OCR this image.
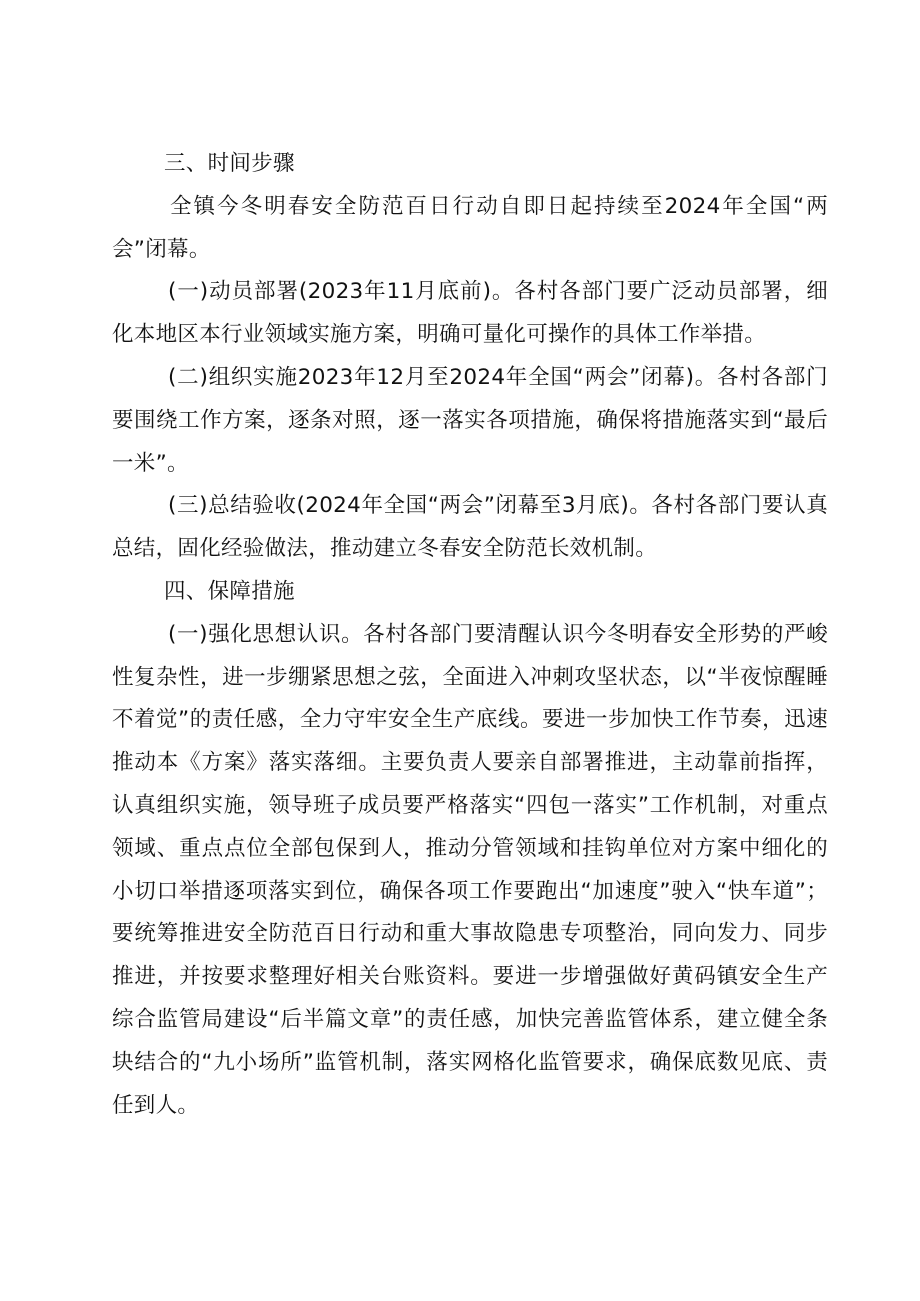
三、时间步骤

全镇今冬明春安全防范百日行动自即日起持续至2024年全国“两会”闭幕。

(一)动员部署(2023年11月底前)。各村各部门要广泛动员部署，细化本地区本行业领域实施方案，明确可量化可操作的具体工作举措。

(二)组织实施2023年12月至2024年全国“两会”闭幕)。各村各部门要围绕工作方案，逐条对照，逐一落实各项措施，确保将措施落实到“最后一米”。

(三)总结验收(2024年全国“两会”闭幕至3月底)。各村各部门要认真总结，固化经验做法，推动建立冬春安全防范长效机制。

四、保障措施

(一)强化思想认识。各村各部门要清醒认识今冬明春安全形势的严峻性复杂性，进一步绷紧思想之弦，全面进入冲刺攻坚状态，以“半夜惊醒睡不着觉”的责任感，全力守牢安全生产底线。要进一步加快工作节奏，迅速推动本《方案》落实落细。主要负责人要亲自部署推进，主动靠前指挥，认真组织实施，领导班子成员要严格落实“四包一落实”工作机制，对重点领域、重点点位全部包保到人，推动分管领域和挂钩单位对方案中细化的小切口举措逐项落实到位，确保各项工作要跑出“加速度”驶入“快车道”；要统筹推进安全防范百日行动和重大事故隐患专项整治，同向发力、同步推进，并按要求整理好相关台账资料。要进一步增强做好黄码镇安全生产综合监管局建设“后半篇文章”的责任感，加快完善监管体系，建立健全条块结合的“九小场所”监管机制，落实网格化监管要求，确保底数见底、责任到人。
